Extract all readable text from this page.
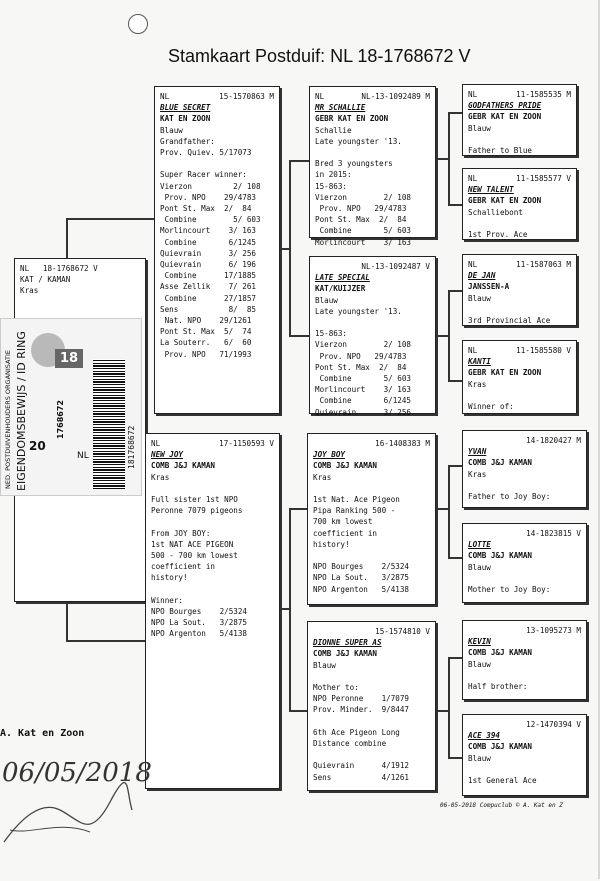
Stamkaart Postduif: NL 18-1768672 V
NL 18-1768672 V
KAT / KAMAN
Kras
NED. POSTDUIVENHOUDERS ORGANISATIE EIGENDOMSBEWIJS / ID RING 20
18
1768672
NL	181768672
NL	15-1570863 M
BLUE SECRET
KAT EN ZOON
Blauw
Grandfather:
Prov. Quiev. 5/17073

Super Racer winner:
Vierzon         2/ 108
Prov. NPO    29/4783
Pont St. Max  2/  84
Combine        5/ 603
Morlincourt    3/ 163
Combine       6/1245
Quievrain      3/ 256
Quievrain      6/ 196
Combine      17/1885
Asse Zellik    7/ 261
Combine      27/1857
Sens           8/  85
Nat. NPO    29/1261
Pont St. Max  5/  74
La Souterr.   6/  60
Prov. NPO   71/1993
NL	17-1150593 V
NEW JOY
COMB J&J KAMAN
Kras

Full sister 1st NPO
Peronne 7079 pigeons

From JOY BOY:
1st NAT ACE PIGEON
500 - 700 km lowest
coefficient in
history!

Winner:
NPO Bourges    2/5324
NPO La Sout.   3/2875
NPO Argenton   5/4138
NL	NL-13-1092489 M
MR SCHALLIE
GEBR KAT EN ZOON
Schallie
Late youngster '13.

Bred 3 youngsters
in 2015:
15-863:
Vierzon        2/ 108
Prov. NPO   29/4783
Pont St. Max  2/  84
Combine       5/ 603
Morlincourt    3/ 163
NL-13-1092487 V
LATE SPECIAL
KAT/KUIJZER
Blauw
Late youngster '13.

15-863:
Vierzon        2/ 108
Prov. NPO   29/4783
Pont St. Max  2/  84
Combine       5/ 603
Morlincourt    3/ 163
Combine       6/1245
Quievrain      3/ 256
16-1408383 M
JOY BOY
COMB J&J KAMAN
Kras

1st Nat. Ace Pigeon
Pipa Ranking 500 -
700 km lowest
coefficient in
history!

NPO Bourges    2/5324
NPO La Sout.   3/2875
NPO Argenton   5/4138
15-1574810 V
DIONNE SUPER AS
COMB J&J KAMAN
Blauw

Mother to:
NPO Peronne    1/7079
Prov. Minder.  9/8447

6th Ace Pigeon Long
Distance combine

Quievrain      4/1912
Sens           4/1261
NL	11-1585535 M
GODFATHERS PRIDE
GEBR KAT EN ZOON
Blauw

Father to Blue
NL	11-1585577 V
NEW TALENT
GEBR KAT EN ZOON
Schalliebont

1st Prov. Ace
NL	11-1587063 M
DE JAN
JANSSEN-A
Blauw

3rd Provincial Ace
NL	11-1585580 V
KANTI
GEBR KAT EN ZOON
Kras

Winner of:
14-1820427 M
YVAN
COMB J&J KAMAN
Kras

Father to Joy Boy:
14-1823815 V
LOTTE
COMB J&J KAMAN
Blauw

Mother to Joy Boy:
13-1095273 M
KEVIN
COMB J&J KAMAN
Blauw

Half brother:
12-1470394 V
ACE 394
COMB J&J KAMAN
Blauw

1st General Ace
A. Kat en Zoon
06/05/2018
06-05-2018 Compuclub © A. Kat en Z
